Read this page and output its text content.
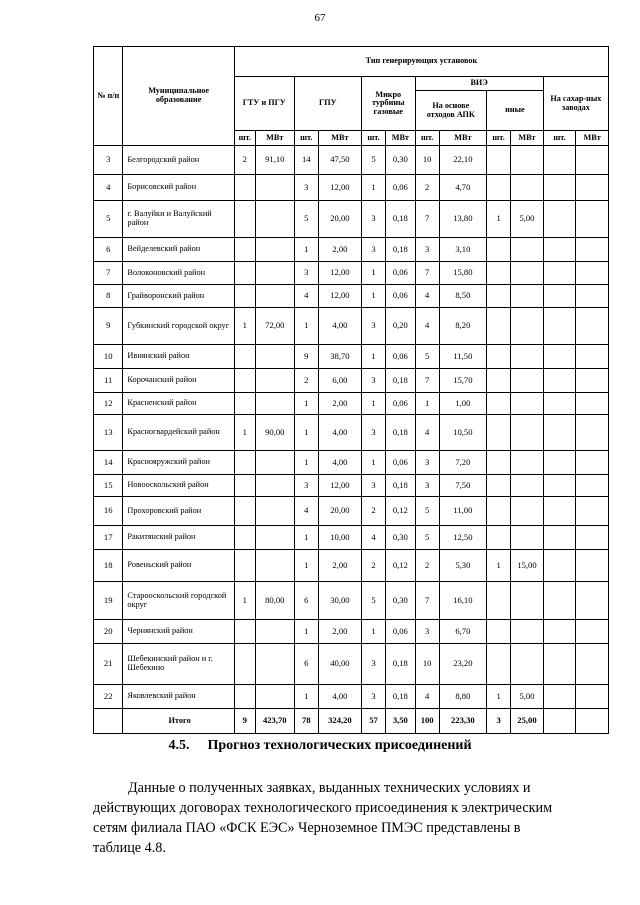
67
№ п/п	Муниципальное образование	Тип генерирующих установок											
		ГТУ и ПГУ		ГПУ		Микро турбины газовые		ВИЭ				На сахар-ных заводах	
								На основе отходов АПК		иные			
		шт.	МВт	шт.	МВт	шт.	МВт	шт.	МВт	шт.	МВт	шт.	МВт
3	Белгородский район	2	91,10	14	47,50	5	0,30	10	22,10				
4	Борисовский район			3	12,00	1	0,06	2	4,70				
5	г. Валуйки и Валуйский район			5	20,00	3	0,18	7	13,80	1	5,00		
6	Вейделевский район			1	2,00	3	0,18	3	3,10				
7	Волоконовский район			3	12,00	1	0,06	7	15,80				
8	Грайворонский район			4	12,00	1	0,06	4	8,50				
9	Губкинский городской округ	1	72,00	1	4,00	3	0,20	4	8,20				
10	Ивнянский район			9	38,70	1	0,06	5	11,50				
11	Корочанский район			2	6,00	3	0,18	7	15,70				
12	Красненский район			1	2,00	1	0,06	1	1,00				
13	Красногвардейский район	1	90,00	1	4,00	3	0,18	4	10,50				
14	Краснояружский район			1	4,00	1	0,06	3	7,20				
15	Новооскольский район			3	12,00	3	0,18	3	7,50				
16	Прохоровский район			4	20,00	2	0,12	5	11,00				
17	Ракитянский район			1	10,00	4	0,30	5	12,50				
18	Ровеньский район			1	2,00	2	0,12	2	5,30	1	15,00		
19	Старооскольский городской округ	1	80,00	6	30,00	5	0,30	7	16,10				
20	Чернянский район			1	2,00	1	0,06	3	6,70				
21	Шебекинский район и г. Шебекино			6	40,00	3	0,18	10	23,20				
22	Яковлевский район			1	4,00	3	0,18	4	8,80	1	5,00		
	Итого	9	423,70	78	324,20	57	3,50	100	223,30	3	25,00		
4.5. Прогноз технологических присоединений
Данные о полученных заявках, выданных технических условиях и
действующих договорах технологического присоединения к электрическим
сетям филиала ПАО «ФСК ЕЭС» Черноземное ПМЭС представлены в
таблице 4.8.
